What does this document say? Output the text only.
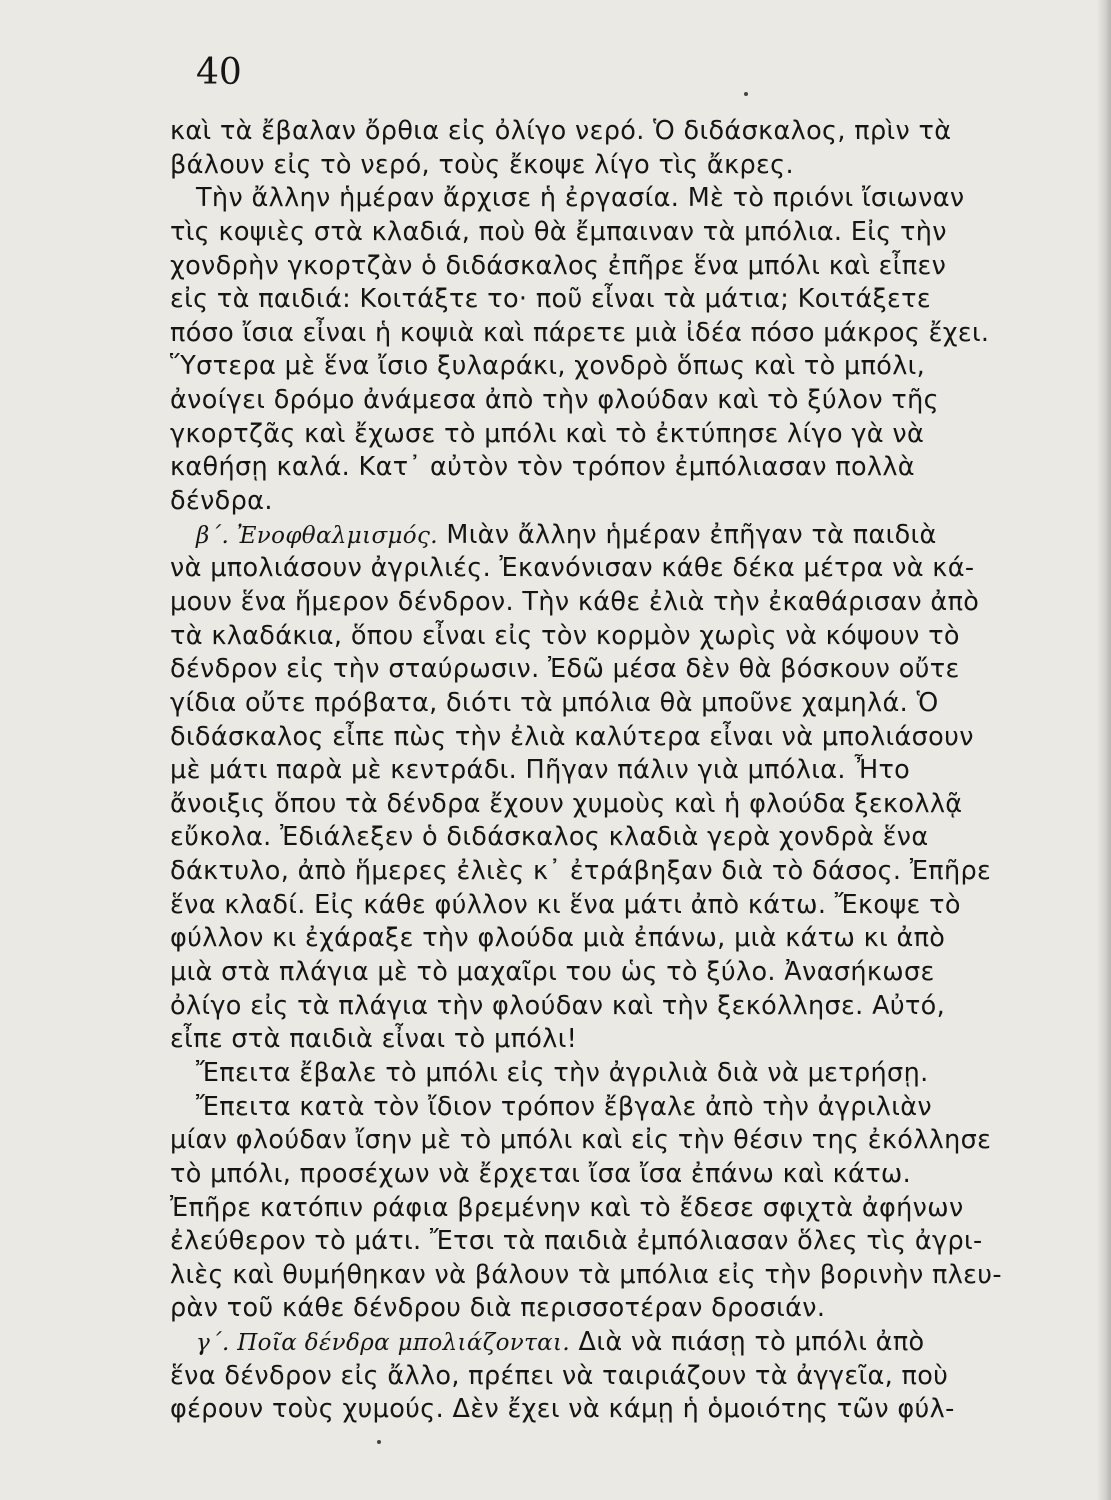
40
καὶ τὰ ἔβαλαν ὄρθια εἰς ὀλίγο νερό. Ὁ διδάσκαλος, πρὶν τὰ
βάλουν εἰς τὸ νερό, τοὺς ἔκοψε λίγο τὶς ἄκρες.
Τὴν ἄλλην ἡμέραν ἄρχισε ἡ ἐργασία. Μὲ τὸ πριόνι ἴσιωναν
τὶς κοψιὲς στὰ κλαδιά, ποὺ θὰ ἔμπαιναν τὰ μπόλια. Εἰς τὴν
χονδρὴν γκορτζὰν ὁ διδάσκαλος ἐπῆρε ἕνα μπόλι καὶ εἶπεν
εἰς τὰ παιδιά: Κοιτάξτε το· ποῦ εἶναι τὰ μάτια; Κοιτάξετε
πόσο ἴσια εἶναι ἡ κοψιὰ καὶ πάρετε μιὰ ἰδέα πόσο μάκρος ἔχει.
Ὕστερα μὲ ἕνα ἴσιο ξυλαράκι, χονδρὸ ὅπως καὶ τὸ μπόλι,
ἀνοίγει δρόμο ἀνάμεσα ἀπὸ τὴν φλούδαν καὶ τὸ ξύλον τῆς
γκορτζᾶς καὶ ἔχωσε τὸ μπόλι καὶ τὸ ἐκτύπησε λίγο γὰ νὰ
καθήσῃ καλά. Κατ᾽ αὐτὸν τὸν τρόπον ἐμπόλιασαν πολλὰ
δένδρα.
β΄. Ἐνοφθαλμισμός. Μιὰν ἄλλην ἡμέραν ἐπῆγαν τὰ παιδιὰ
νὰ μπολιάσουν ἀγριλιές. Ἐκανόνισαν κάθε δέκα μέτρα νὰ κά-
μουν ἕνα ἥμερον δένδρον. Τὴν κάθε ἐλιὰ τὴν ἐκαθάρισαν ἀπὸ
τὰ κλαδάκια, ὅπου εἶναι εἰς τὸν κορμὸν χωρὶς νὰ κόψουν τὸ
δένδρον εἰς τὴν σταύρωσιν. Ἐδῶ μέσα δὲν θὰ βόσκουν οὔτε
γίδια οὔτε πρόβατα, διότι τὰ μπόλια θὰ μποῦνε χαμηλά. Ὁ
διδάσκαλος εἶπε πὼς τὴν ἐλιὰ καλύτερα εἶναι νὰ μπολιάσουν
μὲ μάτι παρὰ μὲ κεντράδι. Πῆγαν πάλιν γιὰ μπόλια. Ἦτο
ἄνοιξις ὅπου τὰ δένδρα ἔχουν χυμοὺς καὶ ἡ φλούδα ξεκολλᾷ
εὔκολα. Ἐδιάλεξεν ὁ διδάσκαλος κλαδιὰ γερὰ χονδρὰ ἕνα
δάκτυλο, ἀπὸ ἥμερες ἐλιὲς κ᾽ ἐτράβηξαν διὰ τὸ δάσος. Ἐπῆρε
ἕνα κλαδί. Εἰς κάθε φύλλον κι ἕνα μάτι ἀπὸ κάτω. Ἔκοψε τὸ
φύλλον κι ἐχάραξε τὴν φλούδα μιὰ ἐπάνω, μιὰ κάτω κι ἀπὸ
μιὰ στὰ πλάγια μὲ τὸ μαχαῖρι του ὡς τὸ ξύλο. Ἀνασήκωσε
ὀλίγο εἰς τὰ πλάγια τὴν φλούδαν καὶ τὴν ξεκόλλησε. Αὐτό,
εἶπε στὰ παιδιὰ εἶναι τὸ μπόλι!
Ἔπειτα ἔβαλε τὸ μπόλι εἰς τὴν ἀγριλιὰ διὰ νὰ μετρήσῃ.
Ἔπειτα κατὰ τὸν ἴδιον τρόπον ἔβγαλε ἀπὸ τὴν ἀγριλιὰν
μίαν φλούδαν ἴσην μὲ τὸ μπόλι καὶ εἰς τὴν θέσιν της ἐκόλλησε
τὸ μπόλι, προσέχων νὰ ἔρχεται ἴσα ἴσα ἐπάνω καὶ κάτω.
Ἐπῆρε κατόπιν ράφια βρεμένην καὶ τὸ ἔδεσε σφιχτὰ ἀφήνων
ἐλεύθερον τὸ μάτι. Ἔτσι τὰ παιδιὰ ἐμπόλιασαν ὅλες τὶς ἀγρι-
λιὲς καὶ θυμήθηκαν νὰ βάλουν τὰ μπόλια εἰς τὴν βορινὴν πλευ-
ρὰν τοῦ κάθε δένδρου διὰ περισσοτέραν δροσιάν.
γ΄. Ποῖα δένδρα μπολιάζονται. Διὰ νὰ πιάσῃ τὸ μπόλι ἀπὸ
ἕνα δένδρον εἰς ἄλλο, πρέπει νὰ ταιριάζουν τὰ ἀγγεῖα, ποὺ
φέρουν τοὺς χυμούς. Δὲν ἔχει νὰ κάμῃ ἡ ὁμοιότης τῶν φύλ-
